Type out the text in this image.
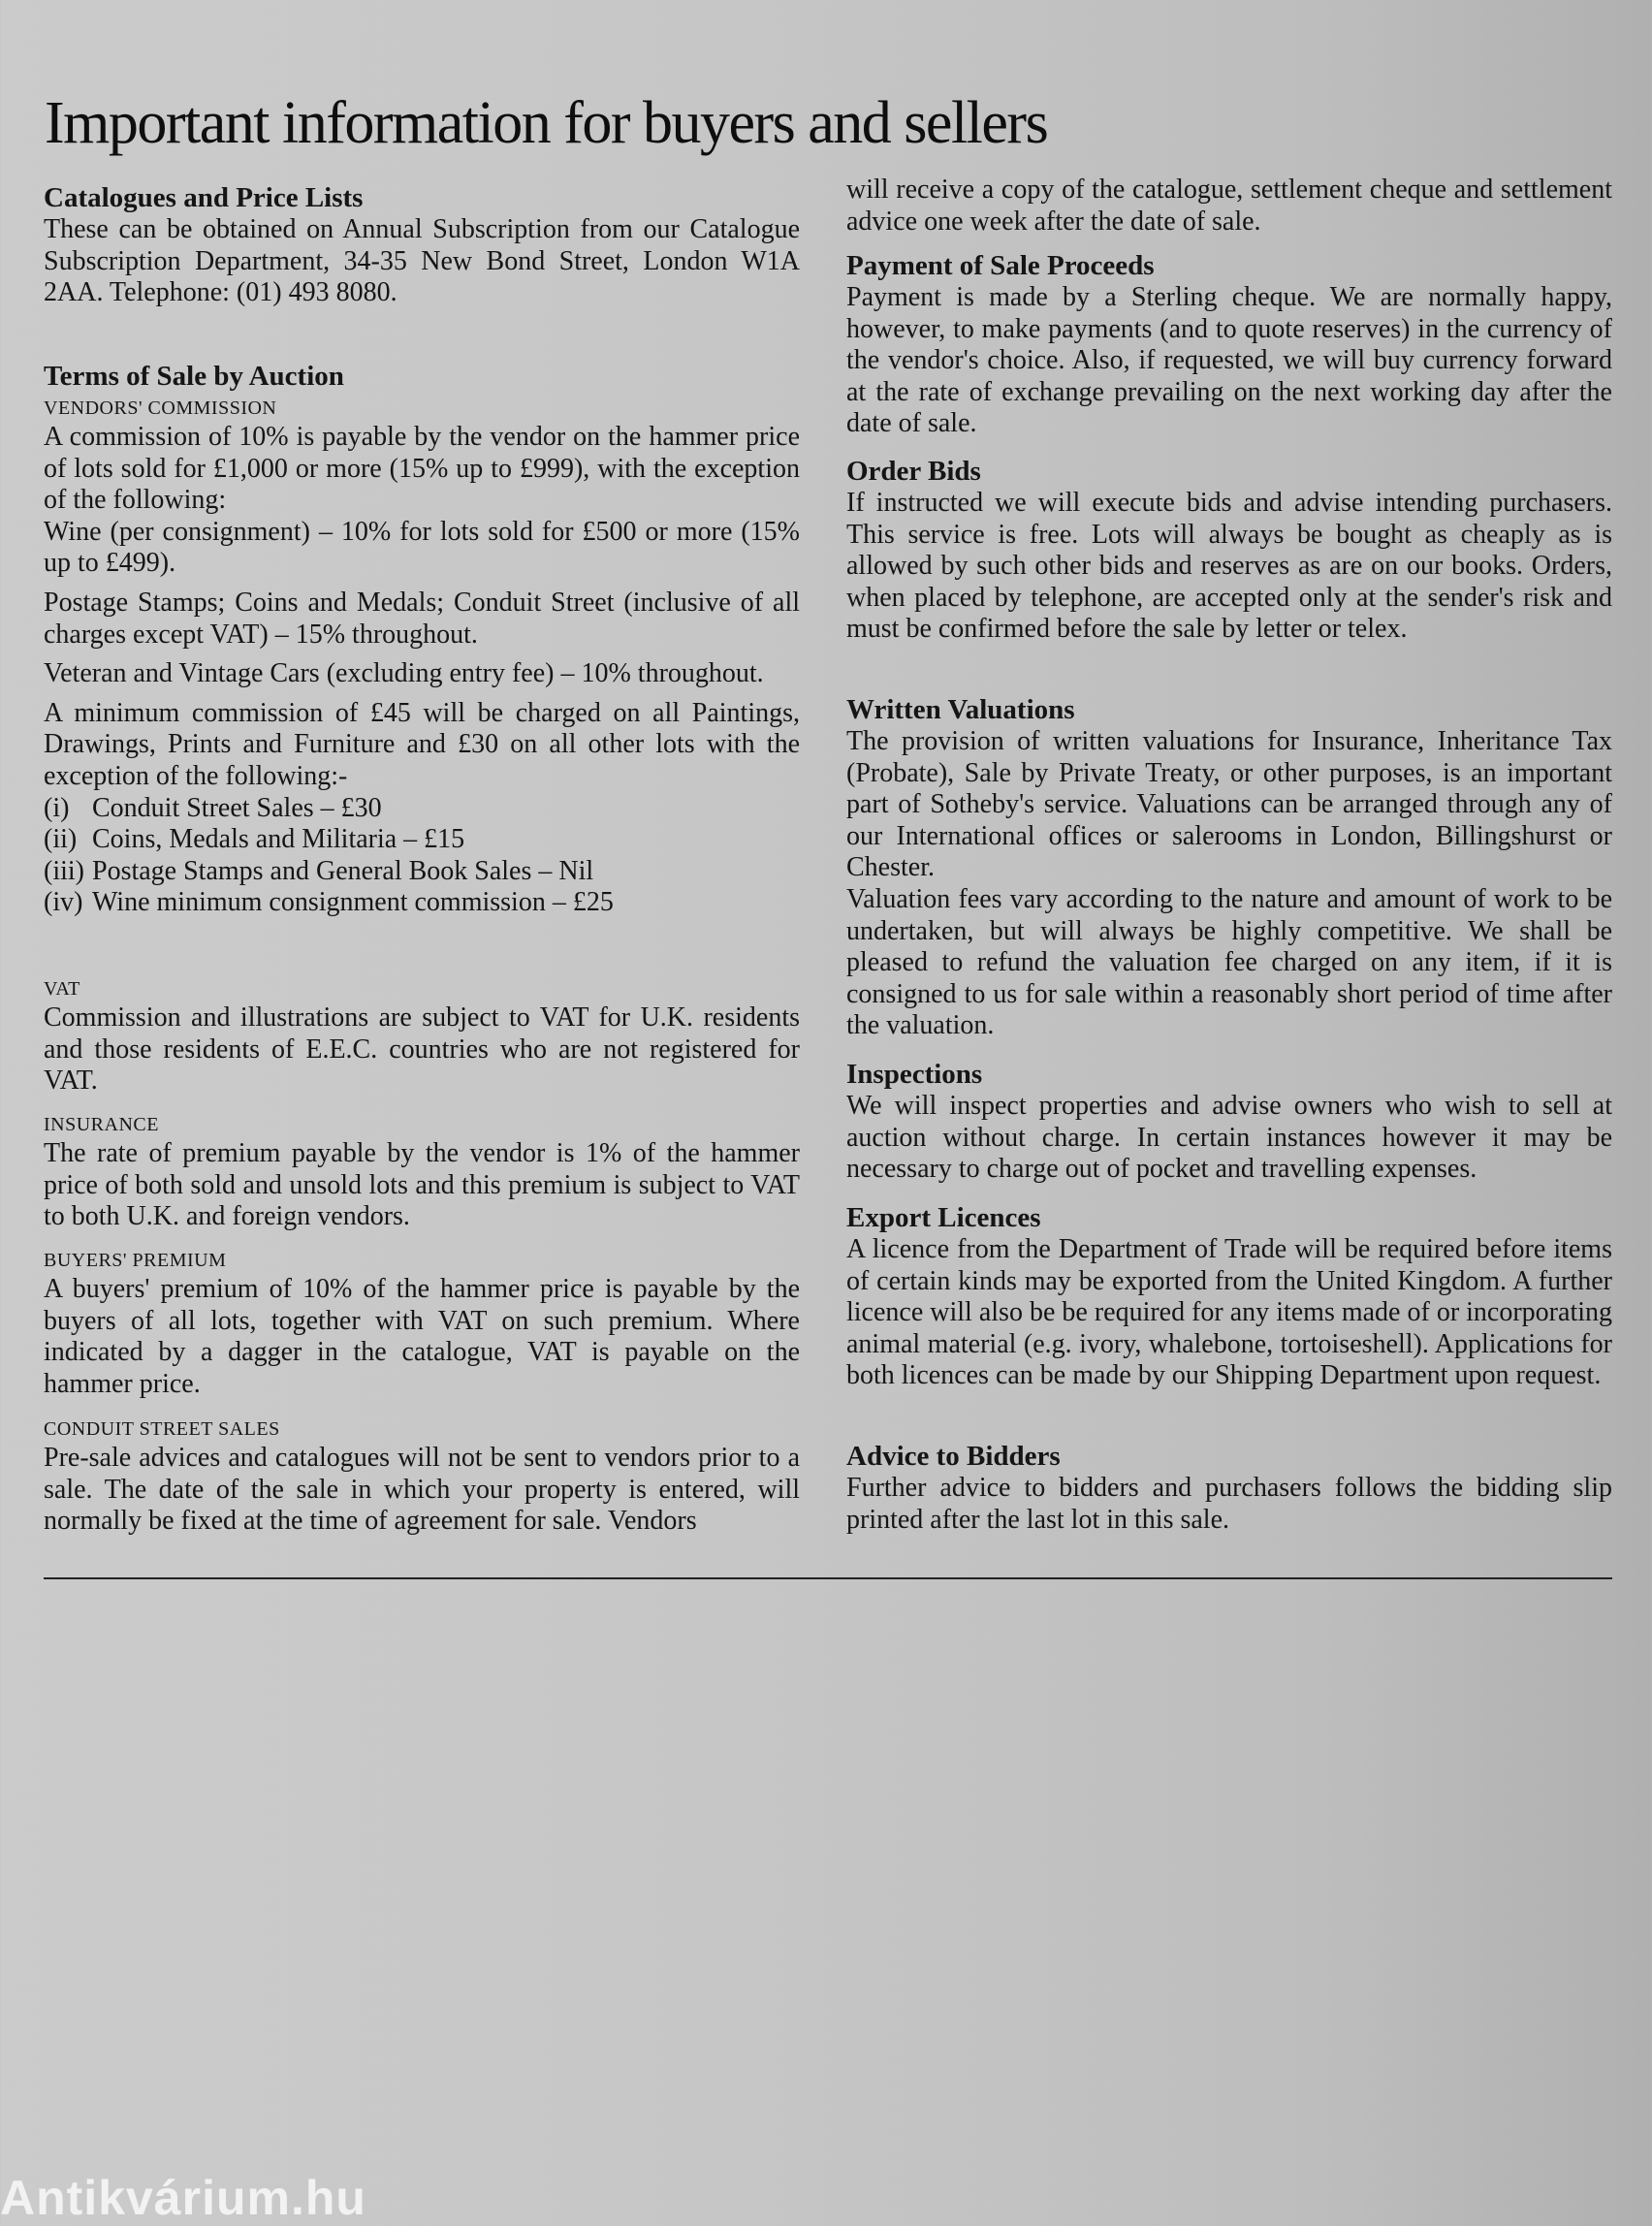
Important information for buyers and sellers
Catalogues and Price Lists

These can be obtained on Annual Subscription from our Catalogue Subscription Department, 34-35 New Bond Street, London W1A 2AA. Telephone: (01) 493 8080.

Terms of Sale by Auction
VENDORS' COMMISSION

A commission of 10% is payable by the vendor on the hammer price of lots sold for £1,000 or more (15% up to £999), with the exception of the following:

Wine (per consignment) – 10% for lots sold for £500 or more (15% up to £499).

Postage Stamps; Coins and Medals; Conduit Street (inclusive of all charges except VAT) – 15% throughout.

Veteran and Vintage Cars (excluding entry fee) – 10% throughout.

A minimum commission of £45 will be charged on all Paintings, Drawings, Prints and Furniture and £30 on all other lots with the exception of the following:-

(i) Conduit Street Sales – £30
(ii) Coins, Medals and Militaria – £15
(iii) Postage Stamps and General Book Sales – Nil
(iv) Wine minimum consignment commission – £25
VAT

Commission and illustrations are subject to VAT for U.K. residents and those residents of E.E.C. countries who are not registered for VAT.

INSURANCE

The rate of premium payable by the vendor is 1% of the hammer price of both sold and unsold lots and this premium is subject to VAT to both U.K. and foreign vendors.

BUYERS' PREMIUM

A buyers' premium of 10% of the hammer price is payable by the buyers of all lots, together with VAT on such premium. Where indicated by a dagger in the catalogue, VAT is payable on the hammer price.

CONDUIT STREET SALES

Pre-sale advices and catalogues will not be sent to vendors prior to a sale. The date of the sale in which your property is entered, will normally be fixed at the time of agreement for sale. Vendors

will receive a copy of the catalogue, settlement cheque and settlement advice one week after the date of sale.

Payment of Sale Proceeds

Payment is made by a Sterling cheque. We are normally happy, however, to make payments (and to quote reserves) in the currency of the vendor's choice. Also, if requested, we will buy currency forward at the rate of exchange prevailing on the next working day after the date of sale.

Order Bids

If instructed we will execute bids and advise intending purchasers. This service is free. Lots will always be bought as cheaply as is allowed by such other bids and reserves as are on our books. Orders, when placed by telephone, are accepted only at the sender's risk and must be confirmed before the sale by letter or telex.

Written Valuations

The provision of written valuations for Insurance, Inheritance Tax (Probate), Sale by Private Treaty, or other purposes, is an important part of Sotheby's service. Valuations can be arranged through any of our International offices or salerooms in London, Billingshurst or Chester.

Valuation fees vary according to the nature and amount of work to be undertaken, but will always be highly competitive. We shall be pleased to refund the valuation fee charged on any item, if it is consigned to us for sale within a reasonably short period of time after the valuation.

Inspections

We will inspect properties and advise owners who wish to sell at auction without charge. In certain instances however it may be necessary to charge out of pocket and travelling expenses.

Export Licences

A licence from the Department of Trade will be required before items of certain kinds may be exported from the United Kingdom. A further licence will also be be required for any items made of or incorporating animal material (e.g. ivory, whalebone, tortoiseshell). Applications for both licences can be made by our Shipping Department upon request.

Advice to Bidders

Further advice to bidders and purchasers follows the bidding slip printed after the last lot in this sale.

Antikvárium.hu
